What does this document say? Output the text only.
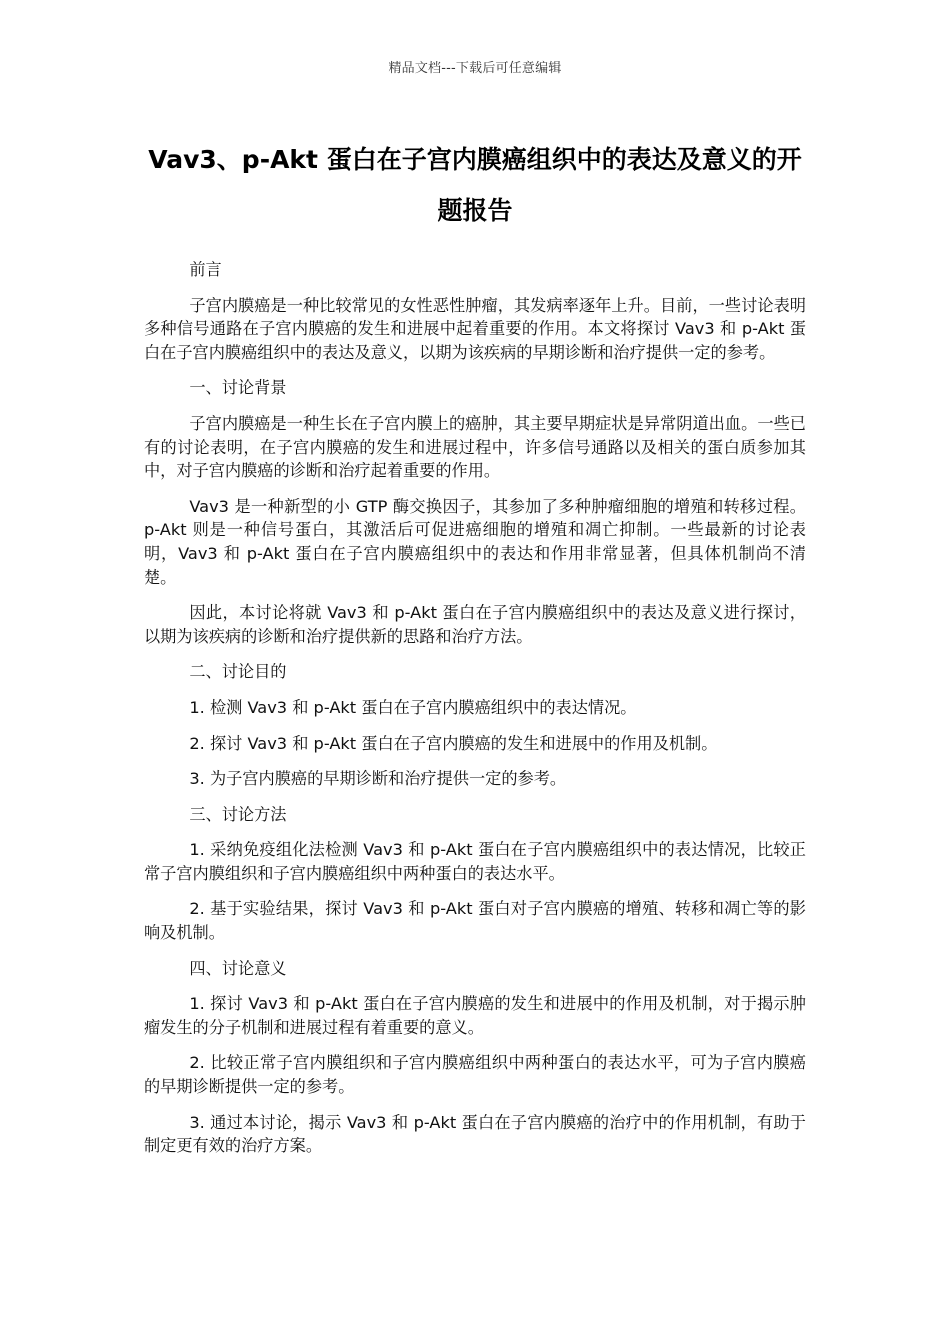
精品文档---下载后可任意编辑
Vav3、p-Akt 蛋白在子宫内膜癌组织中的表达及意义的开题报告

前言

子宫内膜癌是一种比较常见的女性恶性肿瘤，其发病率逐年上升。目前，一些讨论表明多种信号通路在子宫内膜癌的发生和进展中起着重要的作用。本文将探讨 Vav3 和 p-Akt 蛋白在子宫内膜癌组织中的表达及意义，以期为该疾病的早期诊断和治疗提供一定的参考。

一、讨论背景

子宫内膜癌是一种生长在子宫内膜上的癌肿，其主要早期症状是异常阴道出血。一些已有的讨论表明，在子宫内膜癌的发生和进展过程中，许多信号通路以及相关的蛋白质参加其中，对子宫内膜癌的诊断和治疗起着重要的作用。

Vav3 是一种新型的小 GTP 酶交换因子，其参加了多种肿瘤细胞的增殖和转移过程。p-Akt 则是一种信号蛋白，其激活后可促进癌细胞的增殖和凋亡抑制。一些最新的讨论表明，Vav3 和 p-Akt 蛋白在子宫内膜癌组织中的表达和作用非常显著，但具体机制尚不清楚。

因此，本讨论将就 Vav3 和 p-Akt 蛋白在子宫内膜癌组织中的表达及意义进行探讨，以期为该疾病的诊断和治疗提供新的思路和治疗方法。

二、讨论目的

1. 检测 Vav3 和 p-Akt 蛋白在子宫内膜癌组织中的表达情况。

2. 探讨 Vav3 和 p-Akt 蛋白在子宫内膜癌的发生和进展中的作用及机制。

3. 为子宫内膜癌的早期诊断和治疗提供一定的参考。

三、讨论方法

1. 采纳免疫组化法检测 Vav3 和 p-Akt 蛋白在子宫内膜癌组织中的表达情况，比较正常子宫内膜组织和子宫内膜癌组织中两种蛋白的表达水平。

2. 基于实验结果，探讨 Vav3 和 p-Akt 蛋白对子宫内膜癌的增殖、转移和凋亡等的影响及机制。

四、讨论意义

1. 探讨 Vav3 和 p-Akt 蛋白在子宫内膜癌的发生和进展中的作用及机制，对于揭示肿瘤发生的分子机制和进展过程有着重要的意义。

2. 比较正常子宫内膜组织和子宫内膜癌组织中两种蛋白的表达水平，可为子宫内膜癌的早期诊断提供一定的参考。

3. 通过本讨论，揭示 Vav3 和 p-Akt 蛋白在子宫内膜癌的治疗中的作用机制，有助于制定更有效的治疗方案。
